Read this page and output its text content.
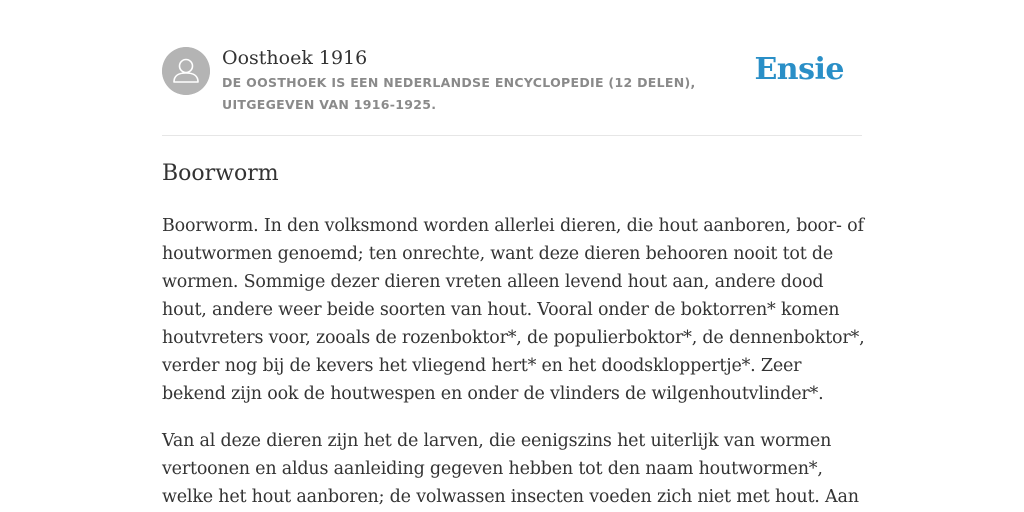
Oosthoek 1916

DE OOSTHOEK IS EEN NEDERLANDSE ENCYCLOPEDIE (12 DELEN), UITGEGEVEN VAN 1916-1925.

Ensie
Boorworm

Boorworm. In den volksmond worden allerlei dieren, die hout aanboren, boor- of houtwormen genoemd; ten onrechte, want deze dieren behooren nooit tot de wormen. Sommige dezer dieren vreten alleen levend hout aan, andere dood hout, andere weer beide soorten van hout. Vooral onder de boktorren* komen houtvreters voor, zooals de rozenboktor*, de populierboktor*, de dennenboktor*, verder nog bij de kevers het vliegend hert* en het doodskloppertje*. Zeer bekend zijn ook de houtwespen en onder de vlinders de wilgenhoutvlinder*.

Van al deze dieren zijn het de larven, die eenigszins het uiterlijk van wormen vertoonen en aldus aanleiding gegeven hebben tot den naam houtwormen*, welke het hout aanboren; de volwassen insecten voeden zich niet met hout. Aan
